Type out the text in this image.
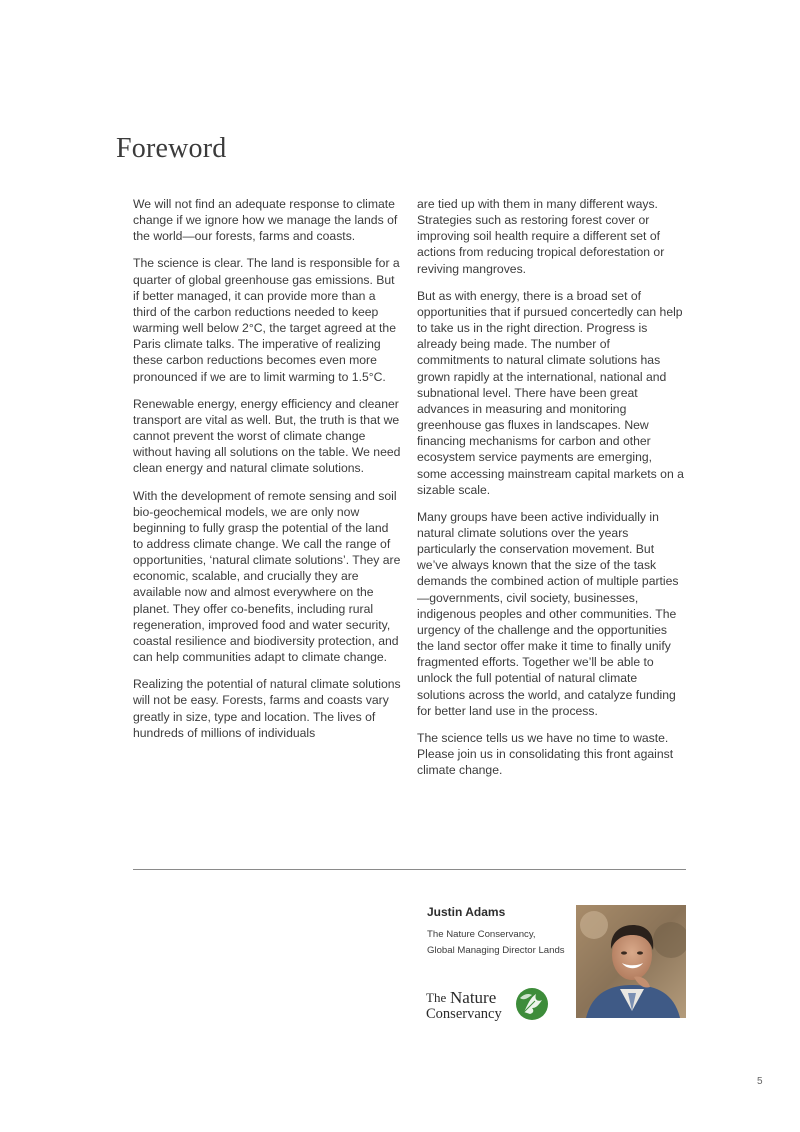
Foreword

We will not find an adequate response to climate change if we ignore how we manage the lands of the world—our forests, farms and coasts.

The science is clear. The land is responsible for a quarter of global greenhouse gas emissions. But if better managed, it can provide more than a third of the carbon reductions needed to keep warming well below 2°C, the target agreed at the Paris climate talks. The imperative of realizing these carbon reductions becomes even more pronounced if we are to limit warming to 1.5°C.

Renewable energy, energy efficiency and cleaner transport are vital as well. But, the truth is that we cannot prevent the worst of climate change without having all solutions on the table. We need clean energy and natural climate solutions.

With the development of remote sensing and soil bio-geochemical models, we are only now beginning to fully grasp the potential of the land to address climate change. We call the range of opportunities, ‘natural climate solutions’. They are economic, scalable, and crucially they are available now and almost everywhere on the planet. They offer co-benefits, including rural regeneration, improved food and water security, coastal resilience and biodiversity protection, and can help communities adapt to climate change.

Realizing the potential of natural climate solutions will not be easy. Forests, farms and coasts vary greatly in size, type and location. The lives of hundreds of millions of individuals

are tied up with them in many different ways. Strategies such as restoring forest cover or improving soil health require a different set of actions from reducing tropical deforestation or reviving mangroves.

But as with energy, there is a broad set of opportunities that if pursued concertedly can help to take us in the right direction. Progress is already being made. The number of commitments to natural climate solutions has grown rapidly at the international, national and subnational level. There have been great advances in measuring and monitoring greenhouse gas fluxes in landscapes. New financing mechanisms for carbon and other ecosystem service payments are emerging, some accessing mainstream capital markets on a sizable scale.

Many groups have been active individually in natural climate solutions over the years particularly the conservation movement. But we’ve always known that the size of the task demands the combined action of multiple parties—governments, civil society, businesses, indigenous peoples and other communities. The urgency of the challenge and the opportunities the land sector offer make it time to finally unify fragmented efforts. Together we’ll be able to unlock the full potential of natural climate solutions across the world, and catalyze funding for better land use in the process.

The science tells us we have no time to waste. Please join us in consolidating this front against climate change.

Justin Adams
The Nature Conservancy,
Global Managing Director Lands
The Nature
Conservancy
5
